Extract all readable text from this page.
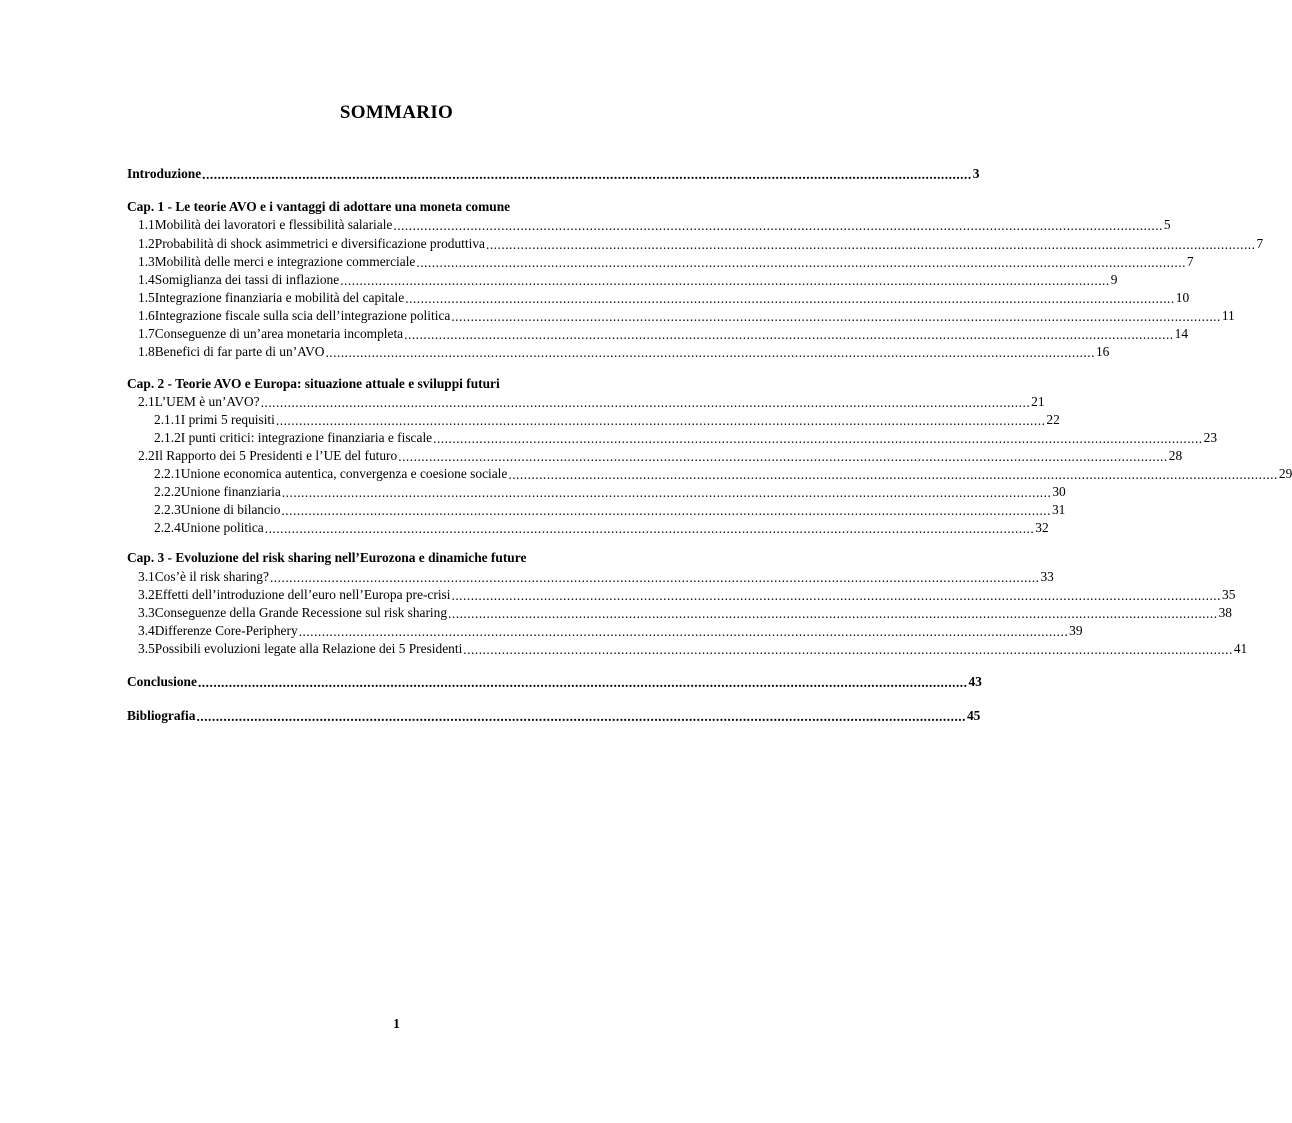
SOMMARIO
Introduzione ........................................................................................................................................................................................................ 3
Cap. 1 - Le teorie AVO e i vantaggi di adottare una moneta comune
1.1 Mobilità dei lavoratori e flessibilità salariale ........................................................................................................................................................................................................ 5
1.2 Probabilità di shock asimmetrici e diversificazione produttiva ........................................................................................................................................................................................................ 7
1.3 Mobilità delle merci e integrazione commerciale ........................................................................................................................................................................................................ 7
1.4 Somiglianza dei tassi di inflazione ........................................................................................................................................................................................................ 9
1.5 Integrazione finanziaria e mobilità del capitale ........................................................................................................................................................................................................ 10
1.6 Integrazione fiscale sulla scia dell’integrazione politica ........................................................................................................................................................................................................ 11
1.7 Conseguenze di un’area monetaria incompleta ........................................................................................................................................................................................................ 14
1.8 Benefici di far parte di un’AVO ........................................................................................................................................................................................................ 16
Cap. 2 - Teorie AVO e Europa: situazione attuale e sviluppi futuri
2.1 L’UEM è un’AVO? ........................................................................................................................................................................................................ 21
2.1.1 I primi 5 requisiti ........................................................................................................................................................................................................ 22
2.1.2 I punti critici: integrazione finanziaria e fiscale ........................................................................................................................................................................................................ 23
2.2 Il Rapporto dei 5 Presidenti e l’UE del futuro ........................................................................................................................................................................................................ 28
2.2.1 Unione economica autentica, convergenza e coesione sociale ........................................................................................................................................................................................................ 29
2.2.2 Unione finanziaria ........................................................................................................................................................................................................ 30
2.2.3 Unione di bilancio ........................................................................................................................................................................................................ 31
2.2.4 Unione politica ........................................................................................................................................................................................................ 32
Cap. 3 - Evoluzione del risk sharing nell’Eurozona e dinamiche future
3.1 Cos’è il risk sharing? ........................................................................................................................................................................................................ 33
3.2 Effetti dell’introduzione dell’euro nell’Europa pre-crisi ........................................................................................................................................................................................................ 35
3.3 Conseguenze della Grande Recessione sul risk sharing ........................................................................................................................................................................................................ 38
3.4 Differenze Core-Periphery ........................................................................................................................................................................................................ 39
3.5 Possibili evoluzioni legate alla Relazione dei 5 Presidenti ........................................................................................................................................................................................................ 41
Conclusione ........................................................................................................................................................................................................ 43
Bibliografia ........................................................................................................................................................................................................ 45
1
